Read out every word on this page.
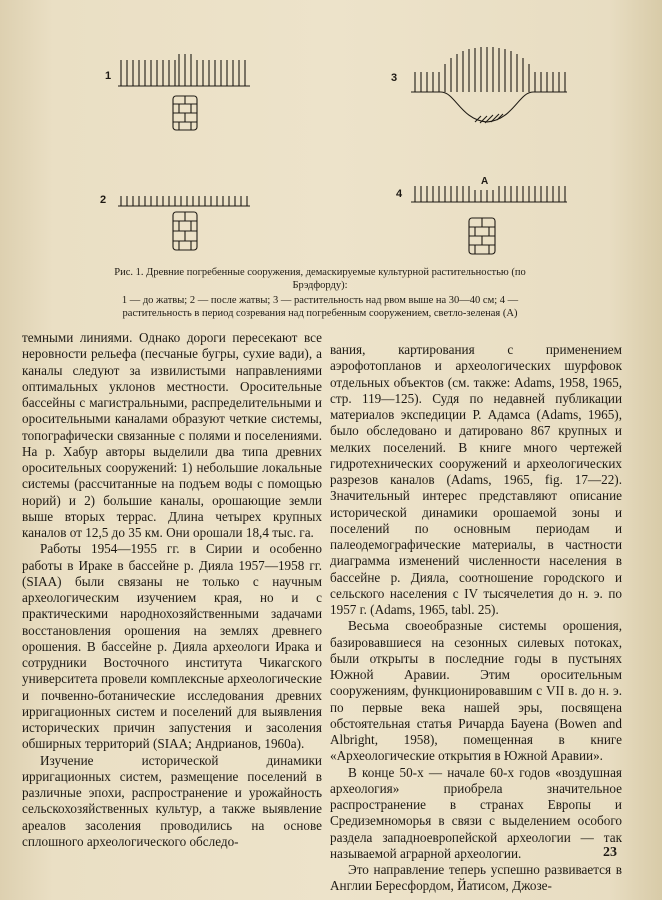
1
2
3
4
А
Рис. 1. Древние погребенные сооружения, демаскируемые культурной растительностью (по Брэдфорду):
1 — до жатвы; 2 — после жатвы; 3 — растительность над рвом выше на 30—40 см; 4 — растительность в период созревания над погребенным сооружением, светло-зеленая (А)

темными линиями. Однако дороги пересекают все неровности рельефа (песчаные бугры, сухие вади), а каналы следуют за извилистыми направлениями оптимальных уклонов местности. Оросительные бассейны с магистральными, распределительными и оросительными каналами образуют четкие системы, топографически связанные с полями и поселениями. На р. Хабур авторы выделили два типа древних оросительных сооружений: 1) небольшие локальные системы (рассчитанные на подъем воды с помощью норий) и 2) большие каналы, орошающие земли выше вторых террас. Длина четырех крупных каналов от 12,5 до 35 км. Они орошали 18,4 тыс. га.

Работы 1954—1955 гг. в Сирии и особенно работы в Ираке в бассейне р. Дияла 1957—1958 гг. (SIAA) были связаны не только с научным археологическим изучением края, но и с практическими народнохозяйственными задачами восстановления орошения на землях древнего орошения. В бассейне р. Дияла археологи Ирака и сотрудники Восточного института Чикагского университета провели комплексные археологические и почвенно-ботанические исследования древних ирригационных систем и поселений для выявления исторических причин запустения и засоления обширных территорий (SIAA; Андрианов, 1960а).

Изучение исторической динамики ирригационных систем, размещение поселений в различные эпохи, распространение и урожайность сельскохозяйственных культур, а также выявление ареалов засоления проводились на основе сплошного археологического обследо-

вания, картирования с применением аэрофотопланов и археологических шурфовок отдельных объектов (см. также: Adams, 1958, 1965, стр. 119—125). Судя по недавней публикации материалов экспедиции Р. Адамса (Adams, 1965), было обследовано и датировано 867 крупных и мелких поселений. В книге много чертежей гидротехнических сооружений и археологических разрезов каналов (Adams, 1965, fig. 17—22). Значительный интерес представляют описание исторической динамики орошаемой зоны и поселений по основным периодам и палеодемографические материалы, в частности диаграмма изменений численности населения в бассейне р. Дияла, соотношение городского и сельского населения с IV тысячелетия до н. э. по 1957 г. (Adams, 1965, tabl. 25).

Весьма своеобразные системы орошения, базировавшиеся на сезонных силевых потоках, были открыты в последние годы в пустынях Южной Аравии. Этим оросительным сооружениям, функционировавшим с VII в. до н. э. по первые века нашей эры, посвящена обстоятельная статья Ричарда Бауена (Bowen and Albright, 1958), помещенная в книге «Археологические открытия в Южной Аравии».

В конце 50-х — начале 60-х годов «воздушная археология» приобрела значительное распространение в странах Европы и Средиземноморья в связи с выделением особого раздела западноевропейской археологии — так называемой аграрной археологии.

Это направление теперь успешно развивается в Англии Бересфордом, Йатисом, Джозе-

23
